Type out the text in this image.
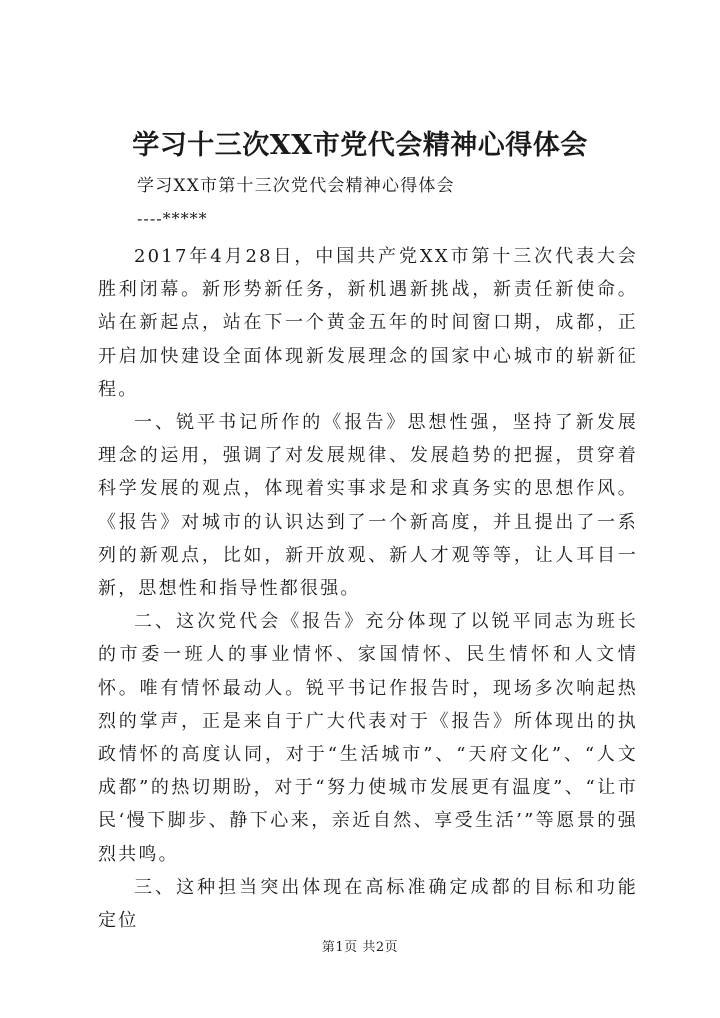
学习十三次XX市党代会精神心得体会

学习XX市第十三次党代会精神心得体会

----*****

2017年4月28日，中国共产党XX市第十三次代表大会胜利闭幕。新形势新任务，新机遇新挑战，新责任新使命。站在新起点，站在下一个黄金五年的时间窗口期，成都，正开启加快建设全面体现新发展理念的国家中心城市的崭新征程。

一、锐平书记所作的《报告》思想性强，坚持了新发展理念的运用，强调了对发展规律、发展趋势的把握，贯穿着科学发展的观点，体现着实事求是和求真务实的思想作风。《报告》对城市的认识达到了一个新高度，并且提出了一系列的新观点，比如，新开放观、新人才观等等，让人耳目一新，思想性和指导性都很强。

二、这次党代会《报告》充分体现了以锐平同志为班长的市委一班人的事业情怀、家国情怀、民生情怀和人文情怀。唯有情怀最动人。锐平书记作报告时，现场多次响起热烈的掌声，正是来自于广大代表对于《报告》所体现出的执政情怀的高度认同，对于“生活城市”、“天府文化”、“人文成都”的热切期盼，对于“努力使城市发展更有温度”、“让市民‘慢下脚步、静下心来，亲近自然、享受生活’”等愿景的强烈共鸣。

三、这种担当突出体现在高标准确定成都的目标和功能定位

第1页 共2页
